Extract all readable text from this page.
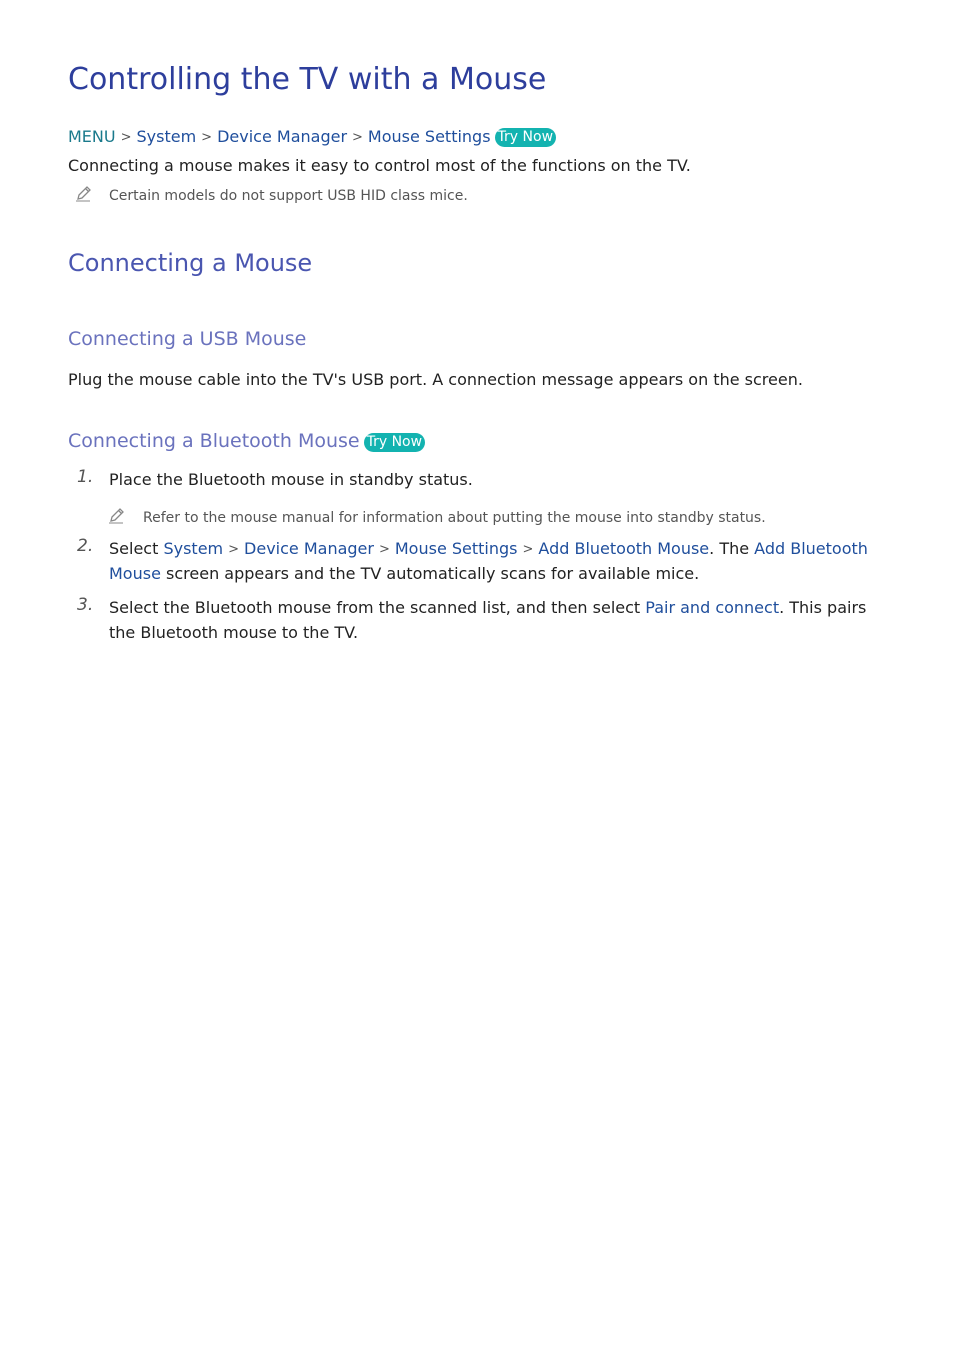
Controlling the TV with a Mouse
MENU > System > Device Manager > Mouse Settings Try Now
Connecting a mouse makes it easy to control most of the functions on the TV.
Certain models do not support USB HID class mice.
Connecting a Mouse
Connecting a USB Mouse
Plug the mouse cable into the TV's USB port. A connection message appears on the screen.
Connecting a Bluetooth Mouse Try Now
1. Place the Bluetooth mouse in standby status.
Refer to the mouse manual for information about putting the mouse into standby status.
2. Select System > Device Manager > Mouse Settings > Add Bluetooth Mouse. The Add Bluetooth
Mouse screen appears and the TV automatically scans for available mice.
3. Select the Bluetooth mouse from the scanned list, and then select Pair and connect. This pairs
the Bluetooth mouse to the TV.
